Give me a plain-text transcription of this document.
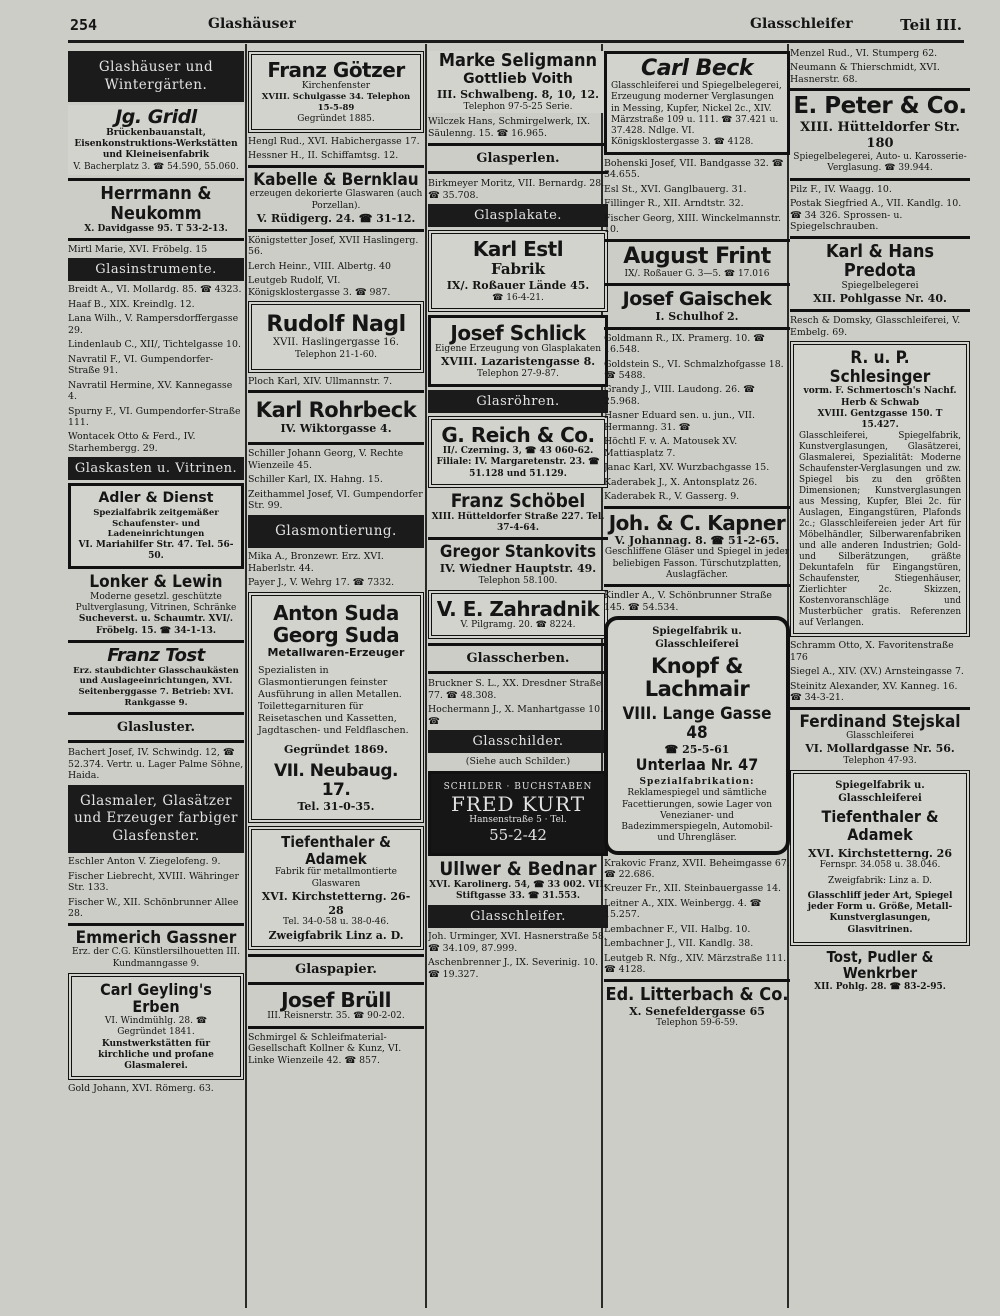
254	Glashäuser	Glasschleifer	Teil III.
Glashäuser und Wintergärten.
Jg. Gridl
Brückenbauanstalt, Eisenkonstruktions-Werkstätten und Kleineisenfabrik
V. Bacherplatz 3. ☎ 54.590, 55.060.
Herrmann & Neukomm
X. Davidgasse 95. T 53-2-13.

Mirtl Marie, XVI. Fröbelg. 15

Glasinstrumente.

Breidt A., VI. Mollardg. 85. ☎ 4323.

Haaf B., XIX. Kreindlg. 12.

Lana Wilh., V. Rampersdorffergasse 29.

Lindenlaub C., XII/, Tichtelgasse 10.

Navratil F., VI. Gumpendorfer-Straße 91.

Navratil Hermine, XV. Kannegasse 4.

Spurny F., VI. Gumpendorfer-Straße 111.

Wontacek Otto & Ferd., IV. Starhembergg. 29.

Glaskasten u. Vitrinen.
Adler & Dienst
Spezialfabrik zeitgemäßer Schaufenster- und Ladeneinrichtungen
VI. Mariahilfer Str. 47. Tel. 56-50.
Lonker & Lewin
Moderne gesetzl. geschützte Pultverglasung, Vitrinen, Schränke
Sucheverst. u. Schaumtr. XVI/. Fröbelg. 15. ☎ 34-1-13.
Franz Tost
Erz. staubdichter Glasschaukästen und Auslageeinrichtungen, XVI. Seitenberggasse 7. Betrieb: XVI. Rankgasse 9.
Glasluster.

Bachert Josef, IV. Schwindg. 12, ☎ 52.374. Vertr. u. Lager Palme Söhne, Haida.

Glasmaler, Glasätzer und Erzeuger farbiger Glasfenster.

Eschler Anton V. Ziegelofeng. 9.

Fischer Liebrecht, XVIII. Währinger Str. 133.

Fischer W., XII. Schönbrunner Allee 28.

Emmerich Gassner
Erz. der C.G. Künstlersilhouetten III. Kundmanngasse 9.
Carl Geyling's Erben
VI. Windmühlg. 28. ☎
Gegründet 1841.
Kunstwerkstätten für kirchliche und profane Glasmalerei.

Gold Johann, XVI. Römerg. 63.

Franz Götzer
Kirchenfenster
XVIII. Schulgasse 34. Telephon 15-5-89
Gegründet 1885.

Hengl Rud., XVI. Habichergasse 17.

Hessner H., II. Schiffamtsg. 12.

Kabelle & Bernklau
erzeugen dekorierte Glaswaren (auch Porzellan).
V. Rüdigerg. 24. ☎ 31-12.

Königstetter Josef, XVII Haslingerg. 56.

Lerch Heinr., VIII. Albertg. 40

Leutgeb Rudolf, VI. Königsklostergasse 3. ☎ 987.

Rudolf Nagl
XVII. Haslingergasse 16.
Telephon 21-1-60.

Ploch Karl, XIV. Ullmannstr. 7.

Karl Rohrbeck
IV. Wiktorgasse 4.

Schiller Johann Georg, V. Rechte Wienzeile 45.

Schiller Karl, IX. Hahng. 15.

Zeithammel Josef, VI. Gumpendorfer Str. 99.

Glasmontierung.

Mika A., Bronzewr. Erz. XVI. Haberlstr. 44.

Payer J., V. Wehrg 17. ☎ 7332.

Anton Suda
Georg Suda
Metallwaren-Erzeuger
Spezialisten in Glasmontierungen feinster Ausführung in allen Metallen. Toilettegarnituren für Reisetaschen und Kassetten, Jagdtaschen- und Feldflaschen.
Gegründet 1869.
VII. Neubaug. 17.
Tel. 31-0-35.
Tiefenthaler & Adamek
Fabrik für metallmontierte Glaswaren
XVI. Kirchstetterng. 26-28
Tel. 34-0-58 u. 38-0-46.
Zweigfabrik Linz a. D.
Glaspapier.
Josef Brüll
III. Reisnerstr. 35. ☎ 90-2-02.

Schmirgel & Schleifmaterial-Gesellschaft Kollner & Kunz, VI. Linke Wienzeile 42. ☎ 857.

Marke Seligmann
Gottlieb Voith
III. Schwalbeng. 8, 10, 12.
Telephon 97-5-25 Serie.

Wilczek Hans, Schmirgelwerk, IX. Säulenng. 15. ☎ 16.965.

Glasperlen.

Birkmeyer Moritz, VII. Bernardg. 28. ☎ 35.708.

Glasplakate.
Karl Estl
Fabrik
IX/. Roßauer Lände 45.
☎ 16-4-21.
Josef Schlick
Eigene Erzeugung von Glasplakaten
XVIII. Lazaristengasse 8.
Telephon 27-9-87.
Glasröhren.
G. Reich & Co.
II/. Czerning. 3, ☎ 43 060-62. Filiale: IV. Margaretenstr. 23. ☎ 51.128 und 51.129.
Franz Schöbel
XIII. Hütteldorfer Straße 227. Tel. 37-4-64.
Gregor Stankovits
IV. Wiedner Hauptstr. 49.
Telephon 58.100.
V. E. Zahradnik
V. Pilgramg. 20. ☎ 8224.
Glasscherben.

Bruckner S. L., XX. Dresdner Straße 77. ☎ 48.308.

Hochermann J., X. Manhartgasse 10. ☎

Glasschilder.

(Siehe auch Schilder.)

SCHILDER · BUCHSTABEN
FRED KURT
Hansenstraße 5 · Tel.
55-2-42
Ullwer & Bednar
XVI. Karolinerg. 54, ☎ 33 002. VII. Stiftgasse 33. ☎ 31.553.
Glasschleifer.

Joh. Urminger, XVI. Hasnerstraße 58. ☎ 34.109, 87.999.

Aschenbrenner J., IX. Severinig. 10. ☎ 19.327.

Carl Beck
Glasschleiferei und Spiegelbelegerei, Erzeugung moderner Verglasungen in Messing, Kupfer, Nickel 2c., XIV. Märzstraße 109 u. 111. ☎ 37.421 u. 37.428. Ndlge. VI. Königsklostergasse 3. ☎ 4128.

Bohenski Josef, VII. Bandgasse 32. ☎ 34.655.

Esl St., XVI. Ganglbauerg. 31.

Fillinger R., XII. Arndtstr. 32.

Fischer Georg, XIII. Winckelmannstr. 10.

August Frint
IX/. Roßauer G. 3—5. ☎ 17.016
Josef Gaischek
I. Schulhof 2.

Goldmann R., IX. Pramerg. 10. ☎ 16.548.

Goldstein S., VI. Schmalzhofgasse 18. ☎ 5488.

Grandy J., VIII. Laudong. 26. ☎ 25.968.

Hasner Eduard sen. u. jun., VII. Hermanng. 31. ☎

Höchtl F. v. A. Matousek XV. Mattiasplatz 7.

Janac Karl, XV. Wurzbachgasse 15.

Kaderabek J., X. Antonsplatz 26.

Kaderabek R., V. Gasserg. 9.

Joh. & C. Kapner
V. Johannag. 8. ☎ 51-2-65.
Geschliffene Gläser und Spiegel in jeder beliebigen Fasson. Türschutzplatten, Auslagfächer.

Kindler A., V. Schönbrunner Straße 145. ☎ 54.534.

Spiegelfabrik u. Glasschleiferei
Knopf & Lachmair
VIII. Lange Gasse 48
☎ 25-5-61
Unterlaa Nr. 47
Spezialfabrikation:
Reklamespiegel und sämtliche Facettierungen, sowie Lager von Venezianer- und Badezimmerspiegeln, Automobil- und Uhrengläser.

Krakovic Franz, XVII. Beheimgasse 67. ☎ 22.686.

Kreuzer Fr., XII. Steinbauergasse 14.

Leitner A., XIX. Weinbergg. 4. ☎ 15.257.

Lembachner F., VII. Halbg. 10.

Lembachner J., VII. Kandlg. 38.

Leutgeb R. Nfg., XIV. Märzstraße 111. ☎ 4128.

Ed. Litterbach & Co.
X. Senefeldergasse 65
Telephon 59-6-59.

Menzel Rud., VI. Stumperg 62.

Neumann & Thierschmidt, XVI. Hasnerstr. 68.

E. Peter & Co.
XIII. Hütteldorfer Str. 180
Spiegelbelegerei, Auto- u. Karosserie-Verglasung. ☎ 39.944.

Pilz F., IV. Waagg. 10.

Postak Siegfried A., VII. Kandlg. 10. ☎ 34 326. Sprossen- u. Spiegelschrauben.

Karl & Hans Predota
Spiegelbelegerei
XII. Pohlgasse Nr. 40.

Resch & Domsky, Glasschleiferei, V. Embelg. 69.

R. u. P. Schlesinger
vorm. F. Schmertosch's Nachf. Herb & Schwab
XVIII. Gentzgasse 150. T 15.427.
Glasschleiferei, Spiegelfabrik, Kunstverglasungen, Glasätzerei, Glasmalerei, Spezialität: Moderne Schaufenster-Verglasungen und zw. Spiegel bis zu den größten Dimensionen; Kunstverglasungen aus Messing, Kupfer, Blei 2c. für Auslagen, Eingangstüren, Plafonds 2c.; Glasschleifereien jeder Art für Möbelhändler, Silberwarenfabriken und alle anderen Industrien; Gold- und Silberätzungen, gräßte Dekuntafeln für Eingangstüren, Schaufenster, Stiegenhäuser, Zierlichter 2c. Skizzen, Kostenvoranschläge und Musterbücher gratis. Referenzen auf Verlangen.

Schramm Otto, X. Favoritenstraße 176

Siegel A., XIV. (XV.) Arnsteingasse 7.

Steinitz Alexander, XV. Kanneg. 16. ☎ 34-3-21.

Ferdinand Stejskal
Glasschleiferei
VI. Mollardgasse Nr. 56.
Telephon 47-93.
Spiegelfabrik u. Glasschleiferei
Tiefenthaler & Adamek
XVI. Kirchstetterng. 26
Fernspr. 34.058 u. 38.046.
Zweigfabrik: Linz a. D.
Glasschliff jeder Art, Spiegel jeder Form u. Größe, Metall-Kunstverglasungen, Glasvitrinen.
Tost, Pudler & Wenkrber
XII. Pohlg. 28. ☎ 83-2-95.
